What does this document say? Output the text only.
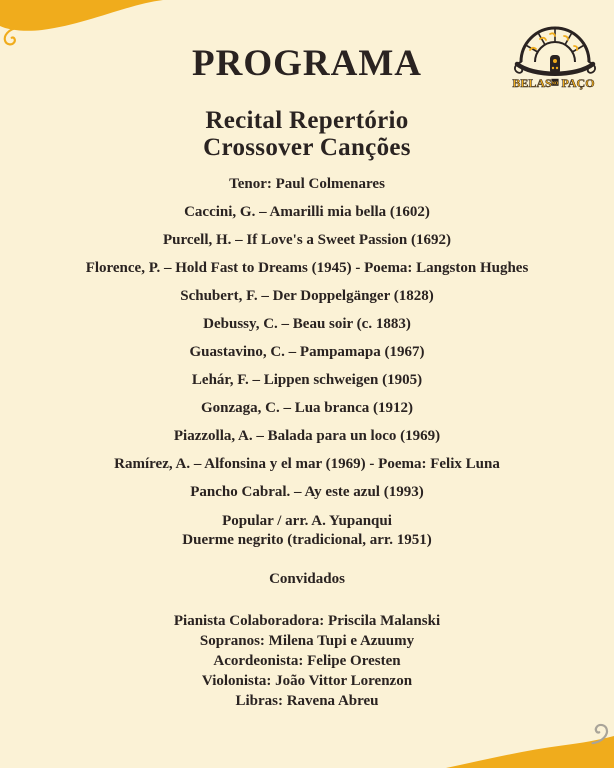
BELAS NO PAÇO
PROGRAMA
Recital Repertório
Crossover Canções
Tenor: Paul Colmenares
Caccini, G. – Amarilli mia bella (1602)
Purcell, H. – If Love's a Sweet Passion (1692)
Florence, P. – Hold Fast to Dreams (1945) - Poema: Langston Hughes
Schubert, F. – Der Doppelgänger (1828)
Debussy, C. – Beau soir (c. 1883)
Guastavino, C. – Pampamapa (1967)
Lehár, F. – Lippen schweigen (1905)
Gonzaga, C. – Lua branca (1912)
Piazzolla, A. – Balada para un loco (1969)
Ramírez, A. – Alfonsina y el mar (1969) - Poema: Felix Luna
Pancho Cabral. – Ay este azul (1993)
Popular / arr. A. Yupanqui
Duerme negrito (tradicional, arr. 1951)
Convidados
Pianista Colaboradora: Priscila Malanski
Sopranos: Milena Tupi e Azuumy
Acordeonista: Felipe Oresten
Violonista: João Vittor Lorenzon
Libras: Ravena Abreu
